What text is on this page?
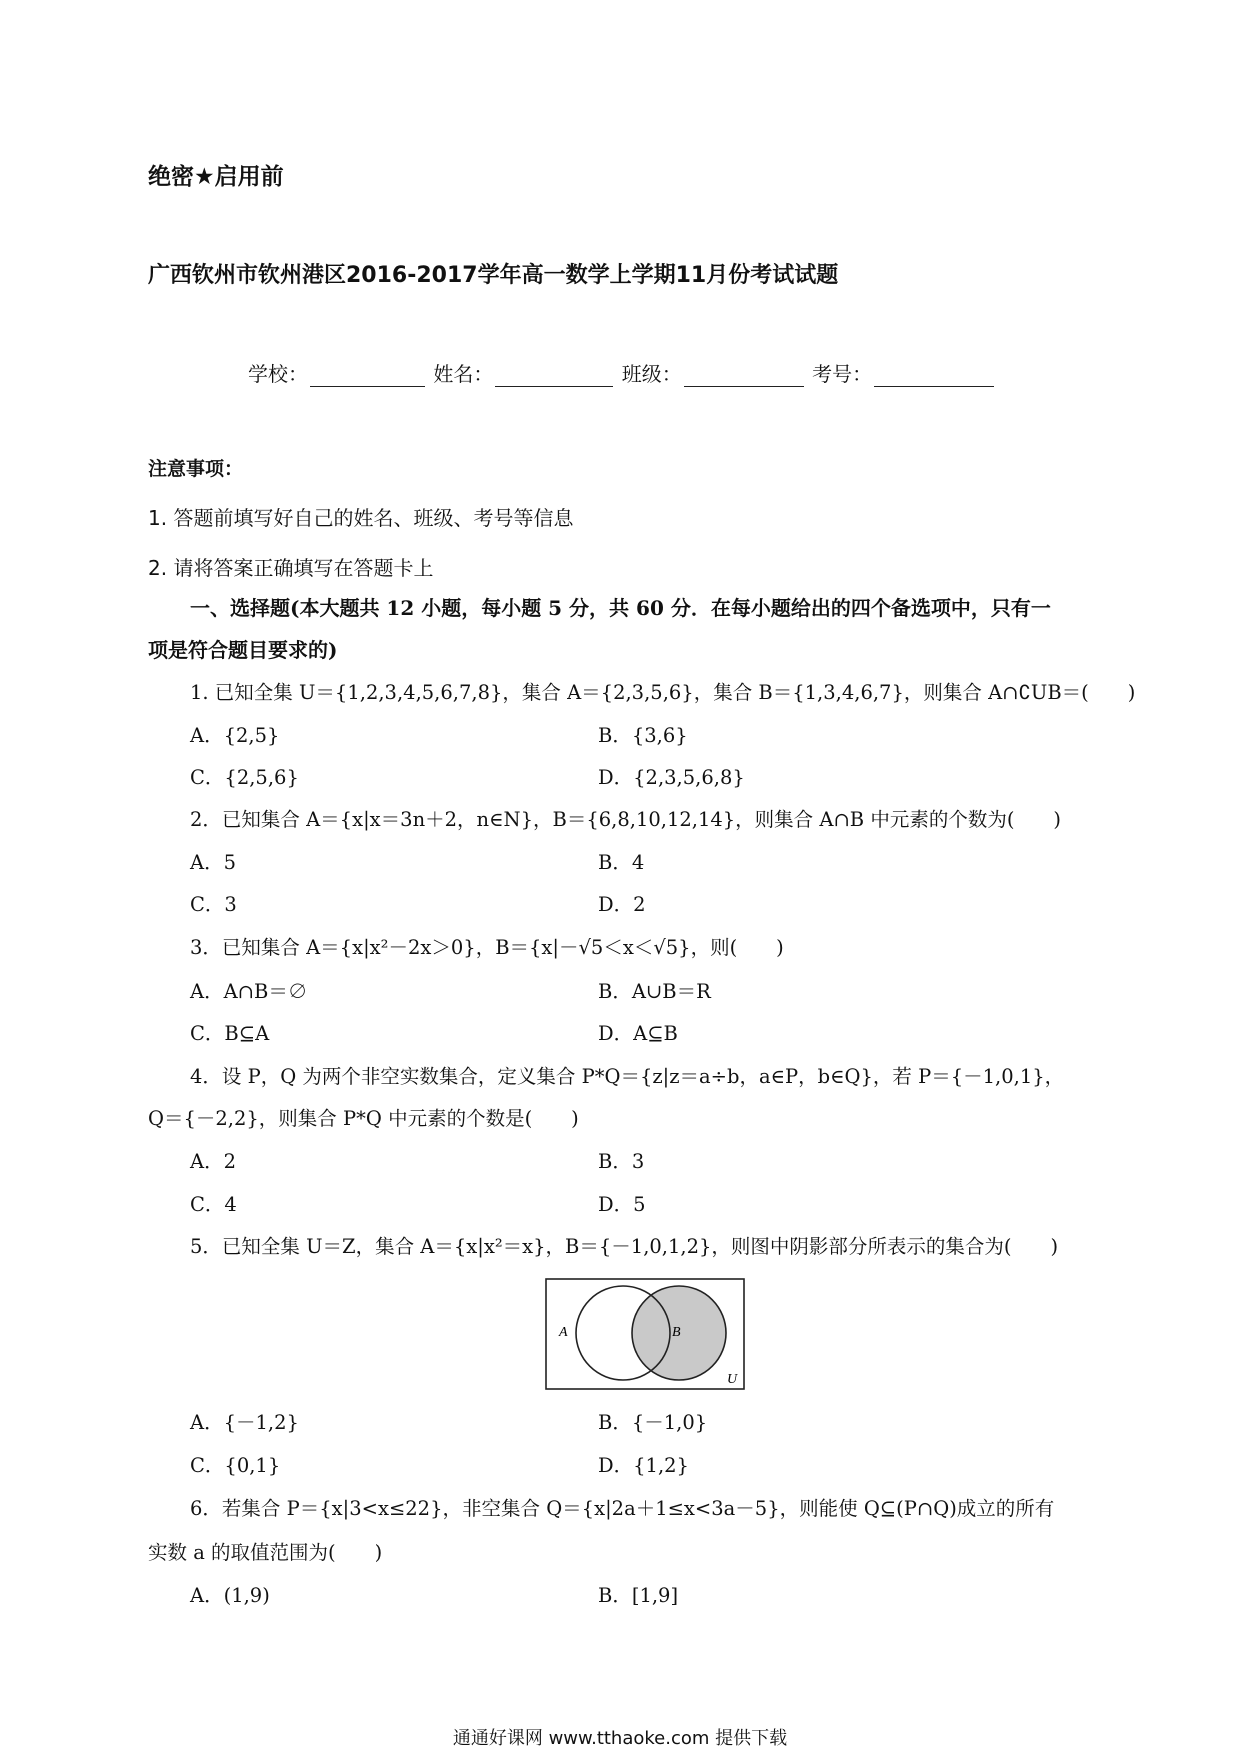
绝密★启用前
广西钦州市钦州港区2016-2017学年高一数学上学期11月份考试试题
学校：	姓名：	班级：	考号：
注意事项：
1. 答题前填写好自己的姓名、班级、考号等信息
2. 请将答案正确填写在答题卡上
一、选择题(本大题共 12 小题，每小题 5 分，共 60 分．在每小题给出的四个备选项中，只有一
项是符合题目要求的)
1. 已知全集 U＝{1,2,3,4,5,6,7,8}，集合 A＝{2,3,5,6}，集合 B＝{1,3,4,6,7}，则集合 A∩∁UB＝(　　)
A．{2,5}	B．{3,6}
C．{2,5,6}	D．{2,3,5,6,8}
2．已知集合 A＝{x|x＝3n＋2，n∈N}，B＝{6,8,10,12,14}，则集合 A∩B 中元素的个数为(　　)
A．5	B．4
C．3	D．2
3．已知集合 A＝{x|x²－2x＞0}，B＝{x|－√5＜x＜√5}，则(　　)
A．A∩B＝∅	B．A∪B＝R
C．B⊆A	D．A⊆B
4．设 P，Q 为两个非空实数集合，定义集合 P*Q＝{z|z＝a÷b，a∈P，b∈Q}，若 P＝{－1,0,1}，
Q＝{－2,2}，则集合 P*Q 中元素的个数是(　　)
A．2	B．3
C．4	D．5
5．已知全集 U＝Z，集合 A＝{x|x²＝x}，B＝{－1,0,1,2}，则图中阴影部分所表示的集合为(　　)
A	B
U
A．{－1,2}	B．{－1,0}
C．{0,1}	D．{1,2}
6．若集合 P＝{x|3<x≤22}，非空集合 Q＝{x|2a＋1≤x<3a－5}，则能使 Q⊆(P∩Q)成立的所有
实数 a 的取值范围为(　　)
A．(1,9)	B．[1,9]
通通好课网 www.tthaoke.com 提供下载
